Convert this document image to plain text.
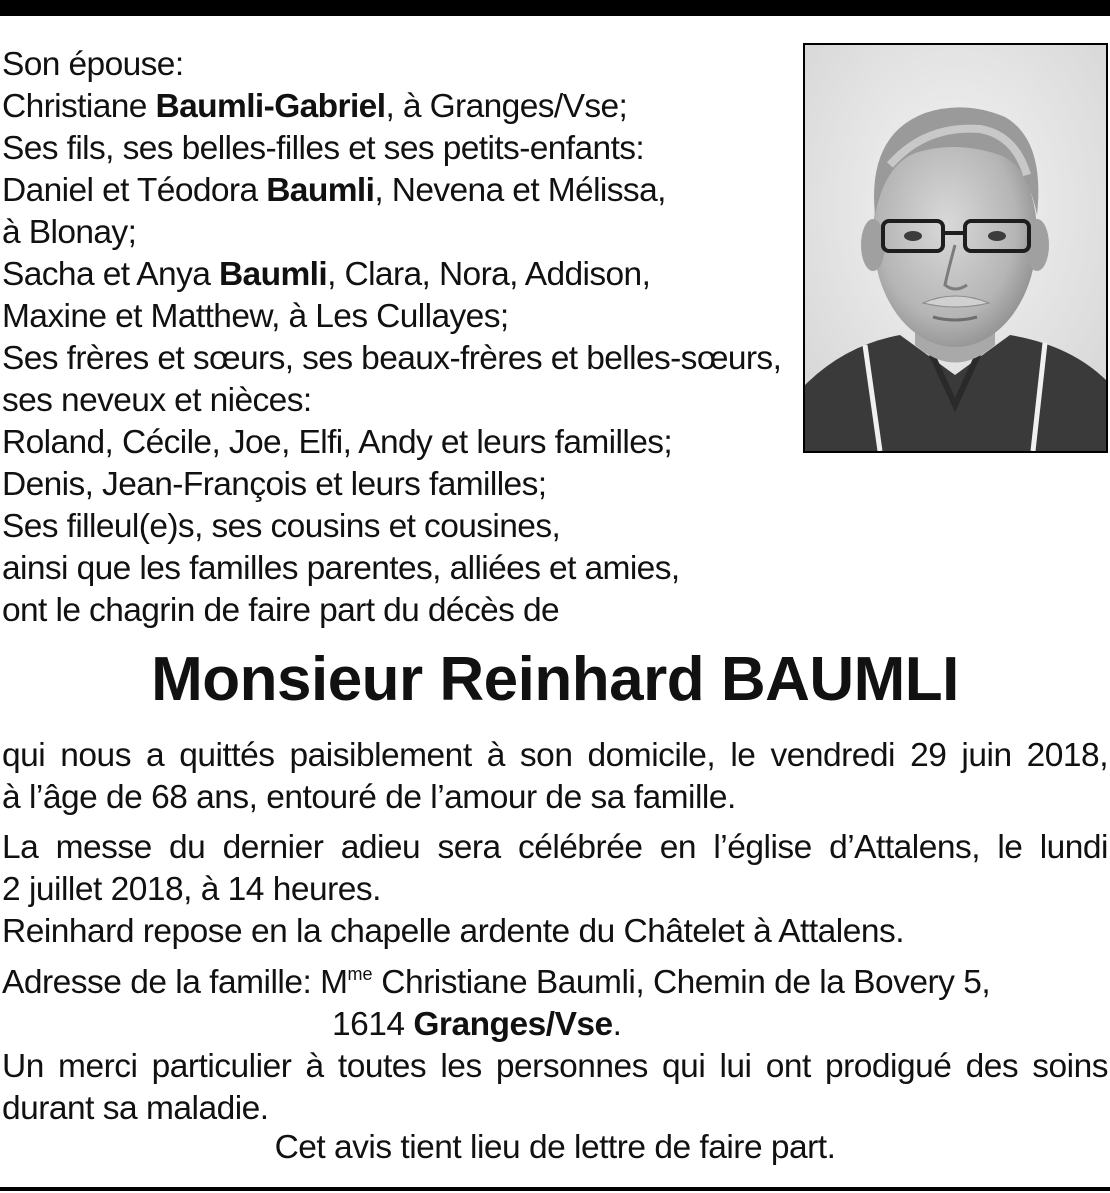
Son épouse:
Christiane Baumli-Gabriel, à Granges/Vse;
Ses fils, ses belles-filles et ses petits-enfants:
Daniel et Téodora Baumli, Nevena et Mélissa,
à Blonay;
Sacha et Anya Baumli, Clara, Nora, Addison,
Maxine et Matthew, à Les Cullayes;
Ses frères et sœurs, ses beaux-frères et belles-sœurs,
ses neveux et nièces:
Roland, Cécile, Joe, Elfi, Andy et leurs familles;
Denis, Jean-François et leurs familles;
Ses filleul(e)s, ses cousins et cousines,
ainsi que les familles parentes, alliées et amies,
ont le chagrin de faire part du décès de
Monsieur Reinhard BAUMLI
qui nous a quittés paisiblement à son domicile, le vendredi 29 juin 2018,
à l’âge de 68 ans, entouré de l’amour de sa famille.
La messe du dernier adieu sera célébrée en l’église d’Attalens, le lundi
2 juillet 2018, à 14 heures.
Reinhard repose en la chapelle ardente du Châtelet à Attalens.
Adresse de la famille: $M^{me}$ Christiane Baumli, Chemin de la Bovery 5,
1614 Granges/Vse.
Un merci particulier à toutes les personnes qui lui ont prodigué des soins
durant sa maladie.
Cet avis tient lieu de lettre de faire part.
